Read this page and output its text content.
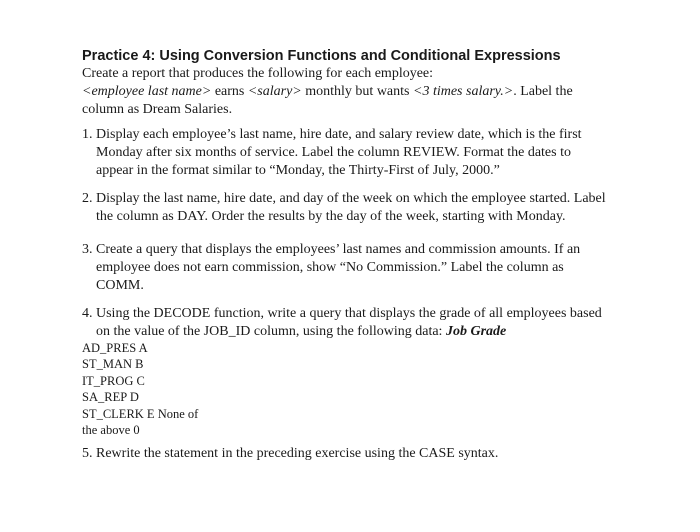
Practice 4: Using Conversion Functions and Conditional Expressions
Create a report that produces the following for each employee:
<employee last name> earns <salary> monthly but wants <3 times salary.>. Label the
column as Dream Salaries.
1. Display each employee’s last name, hire date, and salary review date, which is the first
Monday after six months of service. Label the column REVIEW. Format the dates to
appear in the format similar to “Monday, the Thirty-First of July, 2000.”
2. Display the last name, hire date, and day of the week on which the employee started. Label
the column as DAY. Order the results by the day of the week, starting with Monday.
3. Create a query that displays the employees’ last names and commission amounts. If an
employee does not earn commission, show “No Commission.” Label the column as
COMM.
4. Using the DECODE function, write a query that displays the grade of all employees based
on the value of the JOB_ID column, using the following data: Job Grade
AD_PRES A
ST_MAN B
IT_PROG C
SA_REP D
ST_CLERK E None of
the above 0
5. Rewrite the statement in the preceding exercise using the CASE syntax.
